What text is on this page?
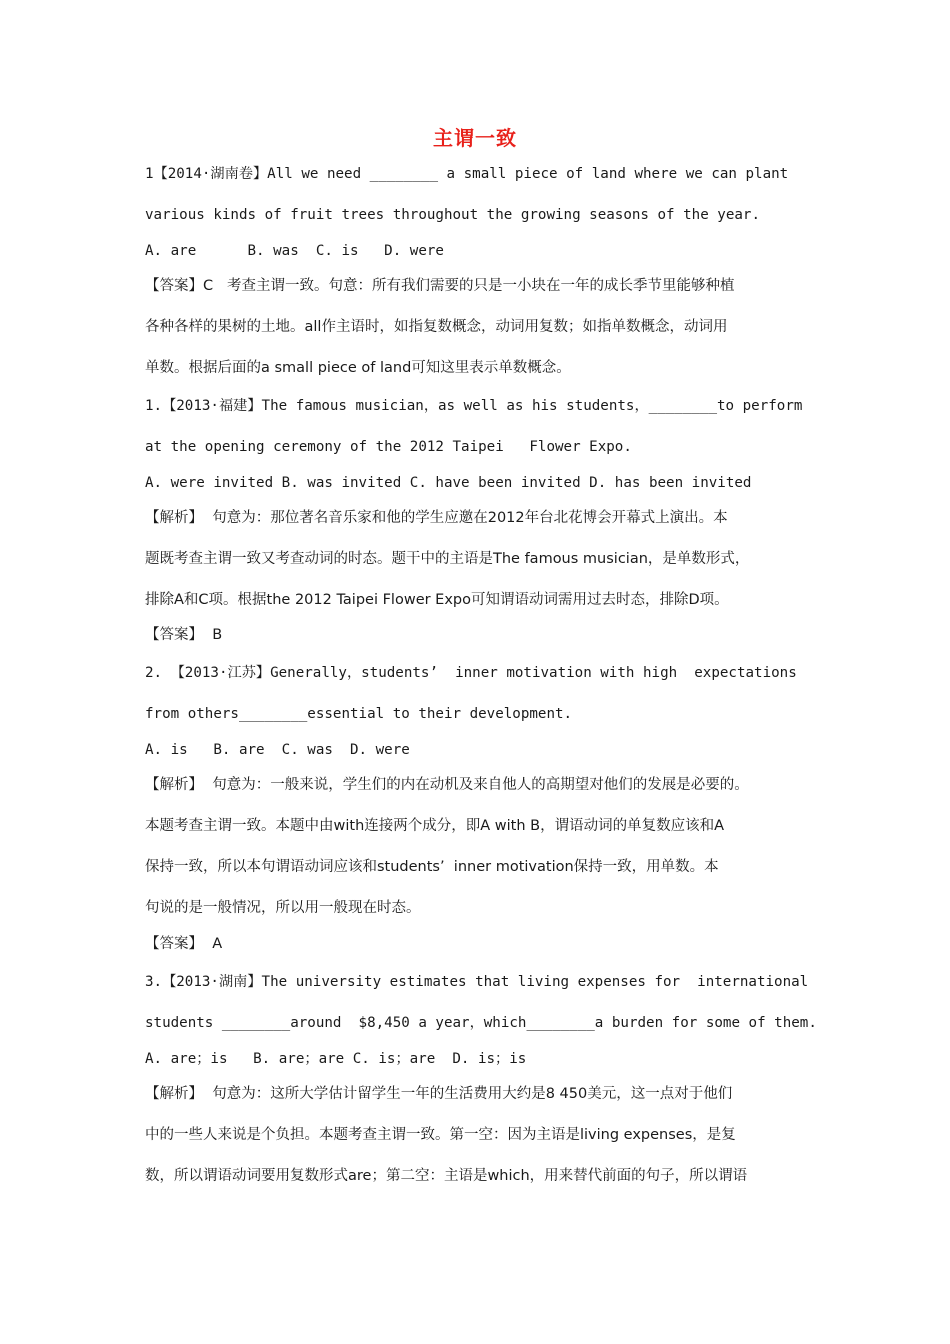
主谓一致
1【2014·湖南卷】All we need ________ a small piece of land where we can plant
various kinds of fruit trees throughout the growing seasons of the year.
A. are      B. was  C. is   D. were
【答案】C   考查主谓一致。句意：所有我们需要的只是一小块在一年的成长季节里能够种植
各种各样的果树的土地。all作主语时，如指复数概念，动词用复数；如指单数概念，动词用
单数。根据后面的a small piece of land可知这里表示单数概念。
1.【2013·福建】The famous musician，as well as his students，________to perform
at the opening ceremony of the 2012 Taipei   Flower Expo.
A. were invited B. was invited C. have been invited D. has been invited
【解析】  句意为：那位著名音乐家和他的学生应邀在2012年台北花博会开幕式上演出。本
题既考查主谓一致又考查动词的时态。题干中的主语是The famous musician，是单数形式，
排除A和C项。根据the 2012 Taipei Flower Expo可知谓语动词需用过去时态，排除D项。
【答案】  B
2. 【2013·江苏】Generally，students’  inner motivation with high  expectations
from others________essential to their development.
A. is   B. are  C. was  D. were
【解析】  句意为：一般来说，学生们的内在动机及来自他人的高期望对他们的发展是必要的。
本题考查主谓一致。本题中由with连接两个成分，即A with B，谓语动词的单复数应该和A
保持一致，所以本句谓语动词应该和students’  inner motivation保持一致，用单数。本
句说的是一般情况，所以用一般现在时态。
【答案】  A
3.【2013·湖南】The university estimates that living expenses for  international
students ________around  $8,450 a year，which________a burden for some of them.
A. are；is   B. are；are C. is；are  D. is；is
【解析】  句意为：这所大学估计留学生一年的生活费用大约是8 450美元，这一点对于他们
中的一些人来说是个负担。本题考查主谓一致。第一空：因为主语是living expenses，是复
数，所以谓语动词要用复数形式are；第二空：主语是which，用来替代前面的句子，所以谓语
